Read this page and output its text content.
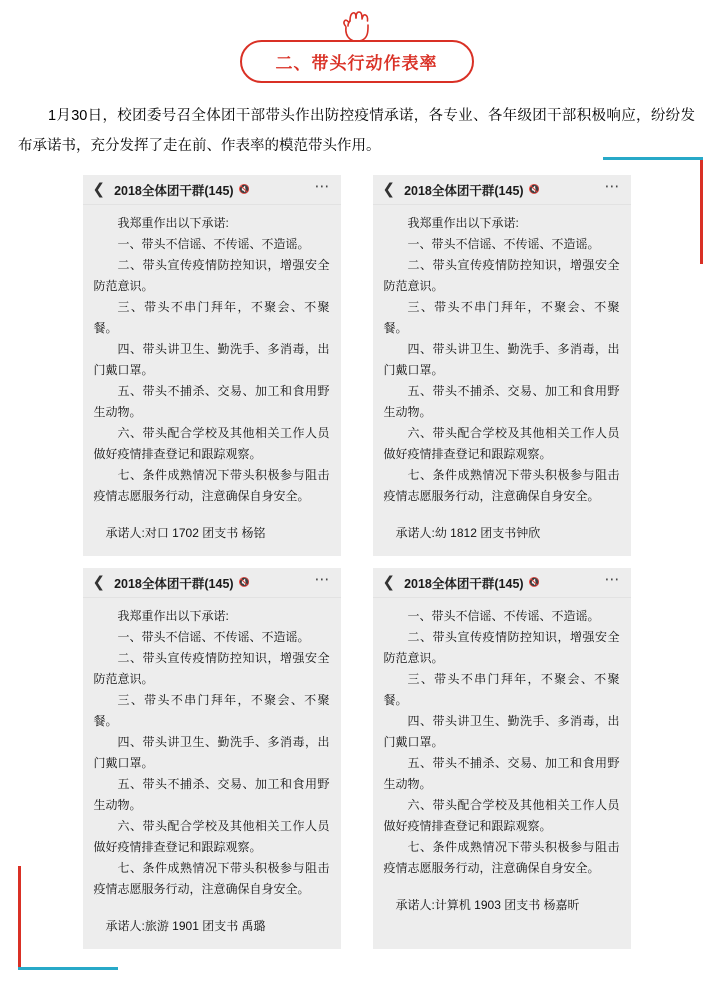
二、带头行动作表率
1月30日，校团委号召全体团干部带头作出防控疫情承诺，各专业、各年级团干部积极响应，纷纷发布承诺书，充分发挥了走在前、作表率的模范带头作用。
❮ 2018全体团干群(145) 🔇	⋯

我郑重作出以下承诺:

一、带头不信谣、不传谣、不造谣。

二、带头宣传疫情防控知识，增强安全防范意识。

三、带头不串门拜年，不聚会、不聚餐。

四、带头讲卫生、勤洗手、多消毒，出门戴口罩。

五、带头不捕杀、交易、加工和食用野生动物。

六、带头配合学校及其他相关工作人员做好疫情排查登记和跟踪观察。

七、条件成熟情况下带头积极参与阻击疫情志愿服务行动，注意确保自身安全。

承诺人:对口 1702 团支书 杨铭

❮ 2018全体团干群(145) 🔇	⋯

我郑重作出以下承诺:

一、带头不信谣、不传谣、不造谣。

二、带头宣传疫情防控知识，增强安全防范意识。

三、带头不串门拜年，不聚会、不聚餐。

四、带头讲卫生、勤洗手、多消毒，出门戴口罩。

五、带头不捕杀、交易、加工和食用野生动物。

六、带头配合学校及其他相关工作人员做好疫情排查登记和跟踪观察。

七、条件成熟情况下带头积极参与阻击疫情志愿服务行动，注意确保自身安全。

承诺人:幼 1812 团支书钟欣

❮ 2018全体团干群(145) 🔇	⋯

我郑重作出以下承诺:

一、带头不信谣、不传谣、不造谣。

二、带头宣传疫情防控知识，增强安全防范意识。

三、带头不串门拜年，不聚会、不聚餐。

四、带头讲卫生、勤洗手、多消毒，出门戴口罩。

五、带头不捕杀、交易、加工和食用野生动物。

六、带头配合学校及其他相关工作人员做好疫情排查登记和跟踪观察。

七、条件成熟情况下带头积极参与阻击疫情志愿服务行动，注意确保自身安全。

承诺人:旅游 1901 团支书 禹璐

❮ 2018全体团干群(145) 🔇	⋯

一、带头不信谣、不传谣、不造谣。

二、带头宣传疫情防控知识，增强安全防范意识。

三、带头不串门拜年，不聚会、不聚餐。

四、带头讲卫生、勤洗手、多消毒，出门戴口罩。

五、带头不捕杀、交易、加工和食用野生动物。

六、带头配合学校及其他相关工作人员做好疫情排查登记和跟踪观察。

七、条件成熟情况下带头积极参与阻击疫情志愿服务行动，注意确保自身安全。

承诺人:计算机 1903 团支书 杨嘉昕
